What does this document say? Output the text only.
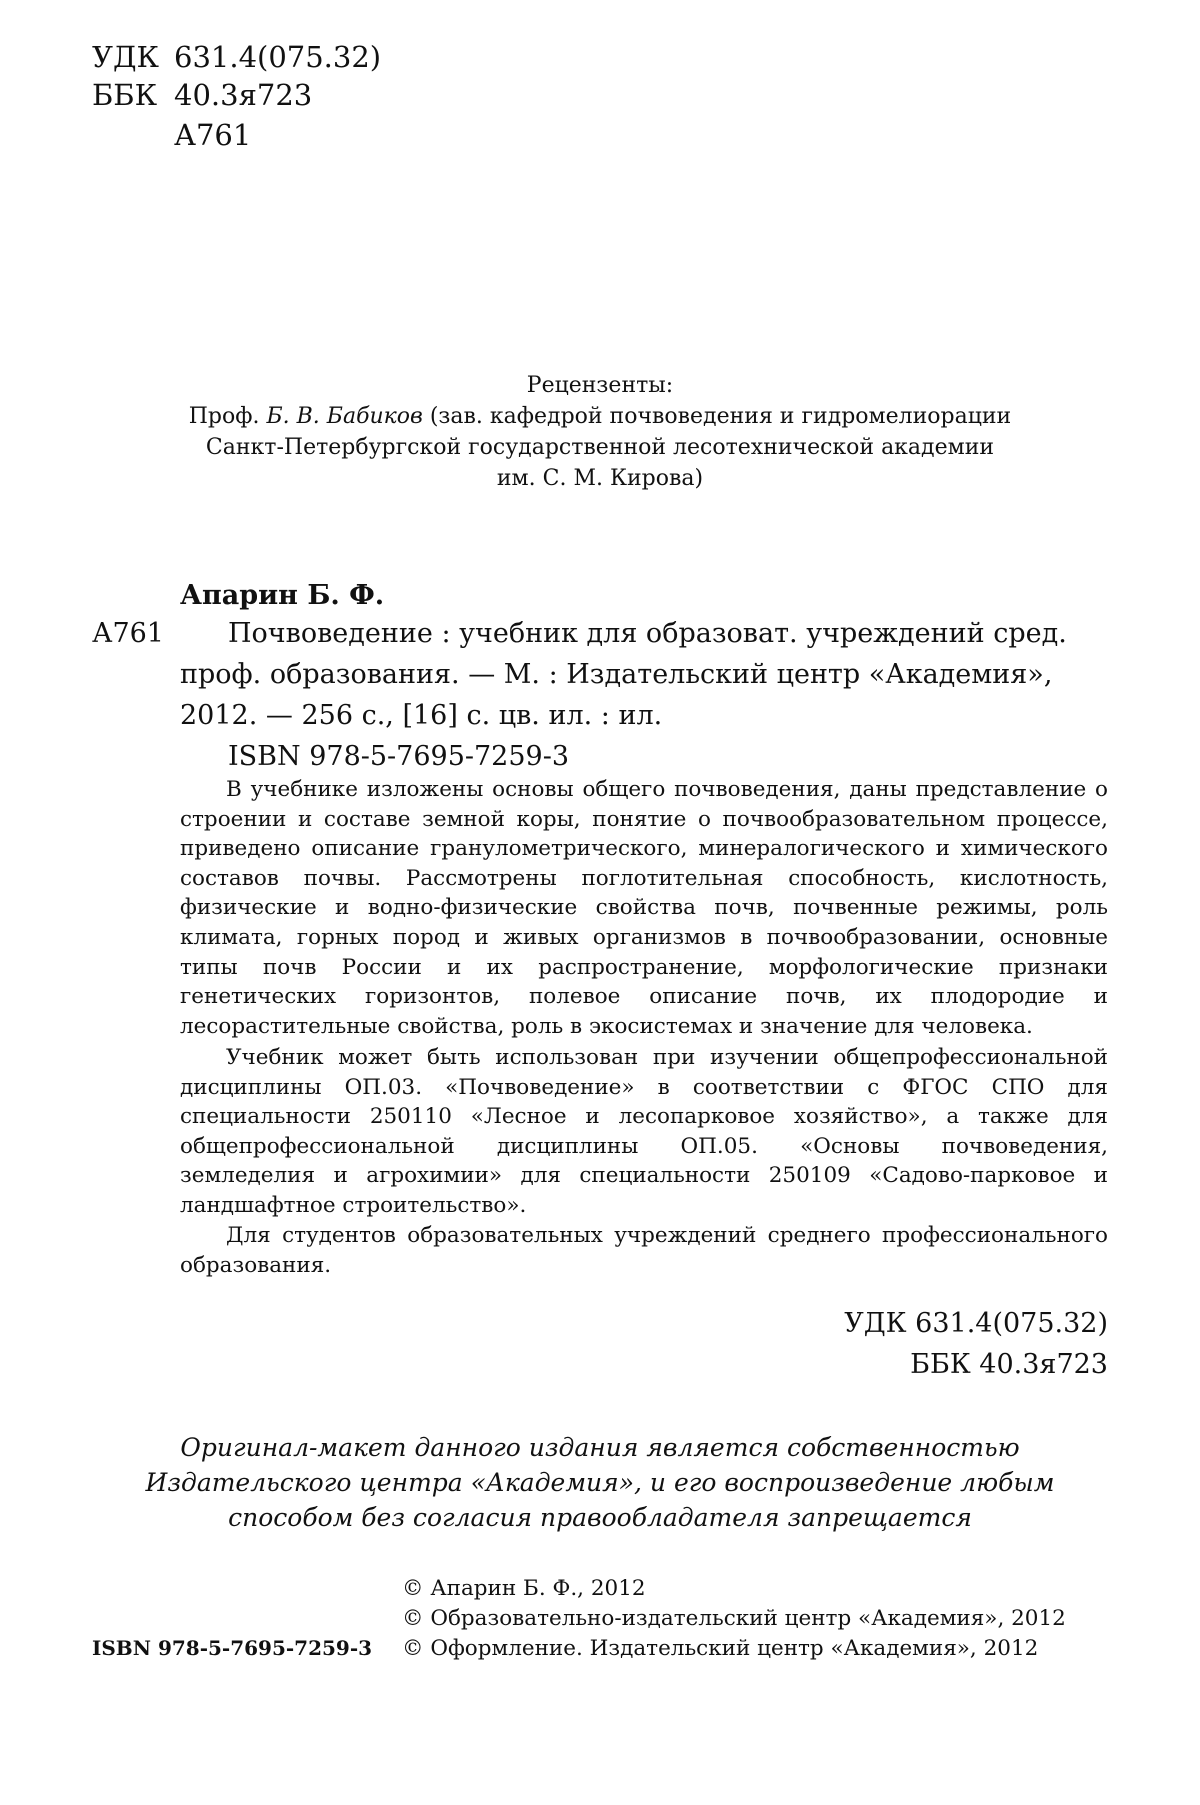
УДК 631.4(075.32)
ББК 40.3я723
А761
Рецензенты:
Проф. Б. В. Бабиков (зав. кафедрой почвоведения и гидромелиорации
Санкт-Петербургской государственной лесотехнической академии
им. С. М. Кирова)
Апарин Б. Ф.
А761 Почвоведение : учебник для образоват. учреждений сред.
проф. образования. — М. : Издательский центр «Академия»,
2012. — 256 с., [16] с. цв. ил. : ил.
ISBN 978-5-7695-7259-3
В учебнике изложены основы общего почвоведения, даны представление о строении и составе земной коры, понятие о почвообразовательном процессе, приведено описание гранулометрического, минералогического и химического составов почвы. Рассмотрены поглотительная способность, кислотность, физические и водно-физические свойства почв, почвенные режимы, роль климата, горных пород и живых организмов в почвообразовании, основные типы почв России и их распространение, морфологические признаки генетических горизонтов, полевое описание почв, их плодородие и лесорастительные свойства, роль в экосистемах и значение для человека.
Учебник может быть использован при изучении общепрофессиональной дисциплины ОП.03. «Почвоведение» в соответствии с ФГОС СПО для специальности 250110 «Лесное и лесопарковое хозяйство», а также для общепрофессиональной дисциплины ОП.05. «Основы почвоведения, земледелия и агрохимии» для специальности 250109 «Садово-парковое и ландшафтное строительство».
Для студентов образовательных учреждений среднего профессионального образования.
УДК 631.4(075.32)
ББК 40.3я723
Оригинал-макет данного издания является собственностью
Издательского центра «Академия», и его воспроизведение любым
способом без согласия правообладателя запрещается
© Апарин Б. Ф., 2012
© Образовательно-издательский центр «Академия», 2012
ISBN 978-5-7695-7259-3 © Оформление. Издательский центр «Академия», 2012
